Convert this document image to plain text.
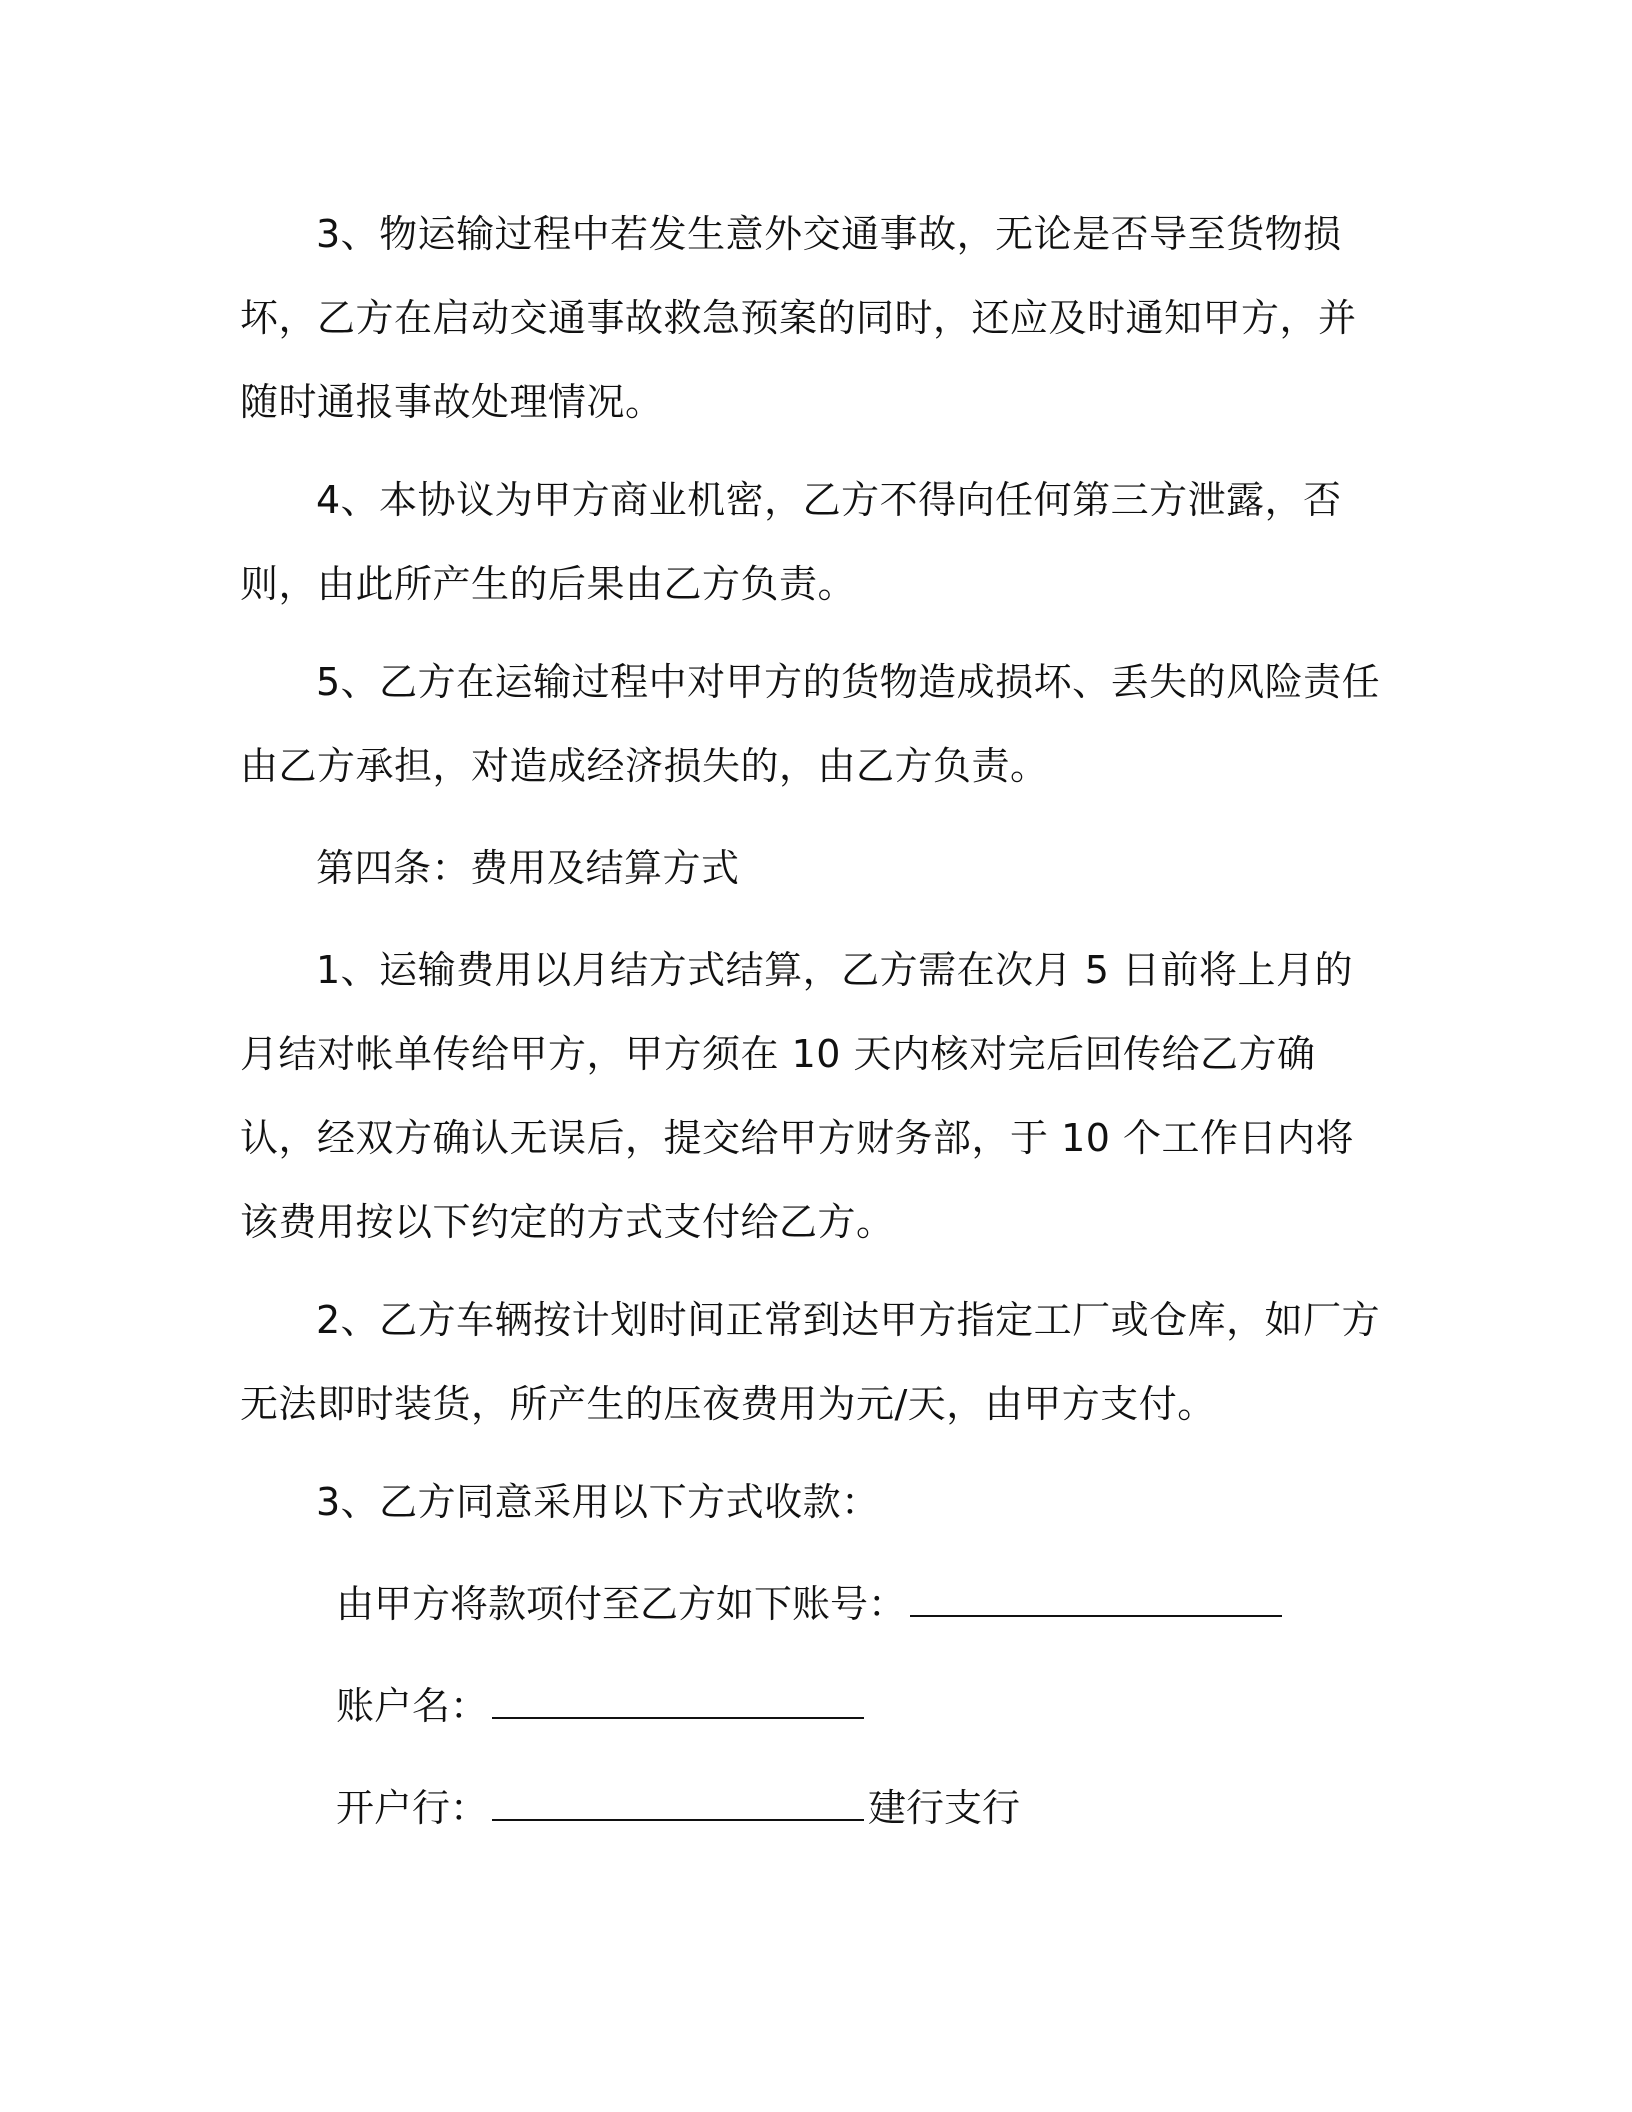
3、物运输过程中若发生意外交通事故，无论是否导至货物损坏，乙方在启动交通事故救急预案的同时，还应及时通知甲方，并随时通报事故处理情况。

4、本协议为甲方商业机密，乙方不得向任何第三方泄露，否则，由此所产生的后果由乙方负责。

5、乙方在运输过程中对甲方的货物造成损坏、丢失的风险责任由乙方承担，对造成经济损失的，由乙方负责。

第四条：费用及结算方式

1、运输费用以月结方式结算，乙方需在次月 5 日前将上月的月结对帐单传给甲方，甲方须在 10 天内核对完后回传给乙方确认，经双方确认无误后，提交给甲方财务部，于 10 个工作日内将该费用按以下约定的方式支付给乙方。

2、乙方车辆按计划时间正常到达甲方指定工厂或仓库，如厂方无法即时装货，所产生的压夜费用为元/天，由甲方支付。

3、乙方同意采用以下方式收款：

由甲方将款项付至乙方如下账号：
账户名：
开户行：	建行支行
